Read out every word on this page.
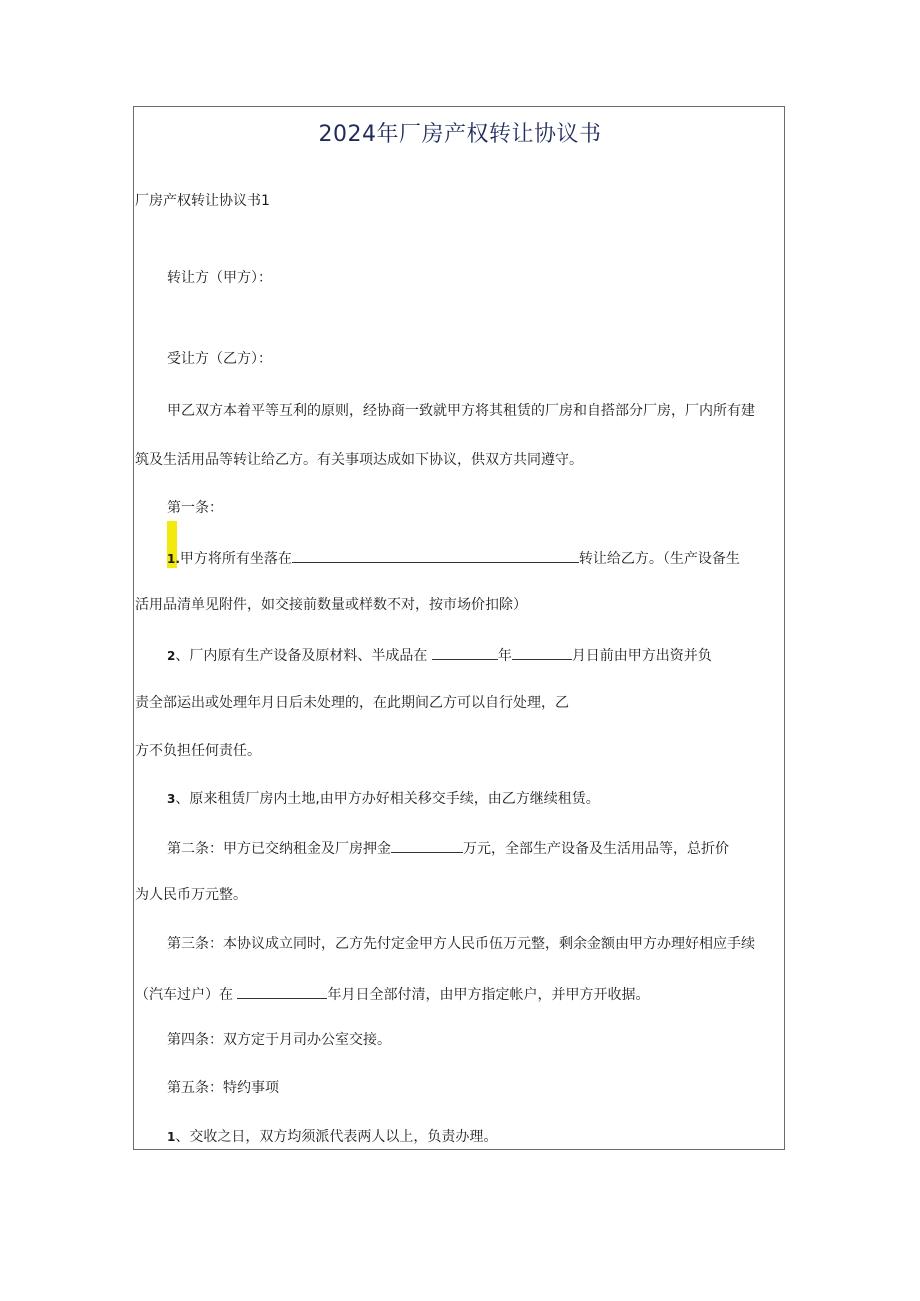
2024年厂房产权转让协议书
厂房产权转让协议书1
转让方（甲方）：
受让方（乙方）：
甲乙双方本着平等互利的原则，经协商一致就甲方将其租赁的厂房和自搭部分厂房，厂内所有建
筑及生活用品等转让给乙方。有关事项达成如下协议，供双方共同遵守。
第一条：
1.甲方将所有坐落在	转让给乙方。（生产设备生
活用品清单见附件，如交接前数量或样数不对，按市场价扣除）
2、厂内原有生产设备及原材料、半成品在	年	月日前由甲方出资并负
责全部运出或处理年月日后未处理的，在此期间乙方可以自行处理，乙
方不负担任何责任。
3、原来租赁厂房内土地,由甲方办好相关移交手续，由乙方继续租赁。
第二条：甲方已交纳租金及厂房押金	万元，全部生产设备及生活用品等，总折价
为人民币万元整。
第三条：本协议成立同时，乙方先付定金甲方人民币伍万元整，剩余金额由甲方办理好相应手续
（汽车过户）在	年月日全部付清，由甲方指定帐户，并甲方开收据。
第四条：双方定于月司办公室交接。
第五条：特约事项
1、交收之日，双方均须派代表两人以上，负责办理。
